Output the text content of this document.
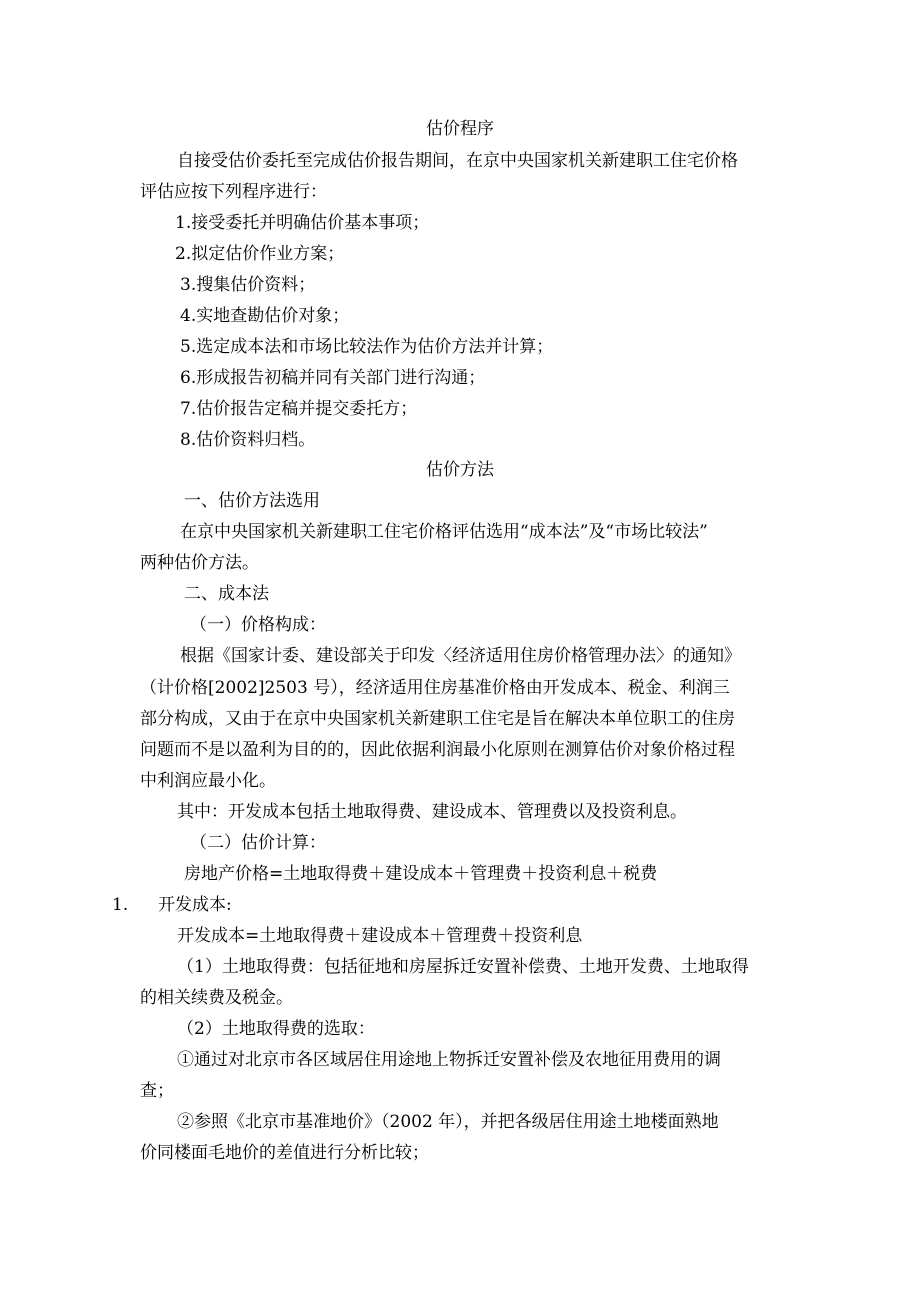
估价程序
自接受估价委托至完成估价报告期间，在京中央国家机关新建职工住宅价格
评估应按下列程序进行：
1.接受委托并明确估价基本事项；
2.拟定估价作业方案；
3.搜集估价资料；
4.实地查勘估价对象；
5.选定成本法和市场比较法作为估价方法并计算；
6.形成报告初稿并同有关部门进行沟通；
7.估价报告定稿并提交委托方；
8.估价资料归档。
估价方法
一、估价方法选用
在京中央国家机关新建职工住宅价格评估选用“成本法”及“市场比较法”
两种估价方法。
二、成本法
（一）价格构成：
根据《国家计委、建设部关于印发〈经济适用住房价格管理办法〉的通知》
（计价格[2002]2503 号），经济适用住房基准价格由开发成本、税金、利润三
部分构成，又由于在京中央国家机关新建职工住宅是旨在解决本单位职工的住房
问题而不是以盈利为目的的，因此依据利润最小化原则在测算估价对象价格过程
中利润应最小化。
其中：开发成本包括土地取得费、建设成本、管理费以及投资利息。
（二）估价计算：
房地产价格=土地取得费＋建设成本＋管理费＋投资利息＋税费
1. 开发成本:
开发成本=土地取得费＋建设成本＋管理费＋投资利息
（1）土地取得费：包括征地和房屋拆迁安置补偿费、土地开发费、土地取得
的相关续费及税金。
（2）土地取得费的选取：
①通过对北京市各区域居住用途地上物拆迁安置补偿及农地征用费用的调
查；
②参照《北京市基准地价》（2002 年），并把各级居住用途土地楼面熟地
价同楼面毛地价的差值进行分析比较；
